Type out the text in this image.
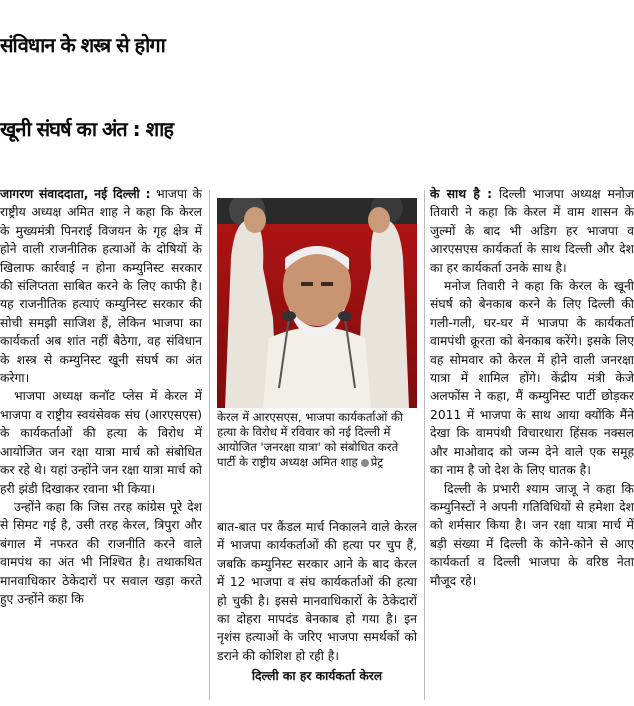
संविधान के शस्त्र से होगा
खूनी संघर्ष का अंत : शाह

जागरण संवाददाता, नई दिल्ली : भाजपा के राष्ट्रीय अध्यक्ष अमित शाह ने कहा कि केरल के मुख्यमंत्री पिनराई विजयन के गृह क्षेत्र में होने वाली राजनीतिक हत्याओं के दोषियों के खिलाफ कार्रवाई न होना कम्युनिस्ट सरकार की संलिप्तता साबित करने के लिए काफी है। यह राजनीतिक हत्याएं कम्युनिस्ट सरकार की सोची समझी साजिश हैं, लेकिन भाजपा का कार्यकर्ता अब शांत नहीं बैठेगा, वह संविधान के शस्त्र से कम्युनिस्ट खूनी संघर्ष का अंत करेगा।

भाजपा अध्यक्ष कनॉट प्लेस में केरल में भाजपा व राष्ट्रीय स्वयंसेवक संघ (आरएसएस) के कार्यकर्ताओं की हत्या के विरोध में आयोजित जन रक्षा यात्रा मार्च को संबोधित कर रहे थे। यहां उन्होंने जन रक्षा यात्रा मार्च को हरी झंडी दिखाकर रवाना भी किया।

उन्होंने कहा कि जिस तरह कांग्रेस पूरे देश से सिमट गई है, उसी तरह केरल, त्रिपुरा और बंगाल में नफरत की राजनीति करने वाले वामपंथ का अंत भी निश्चित है। तथाकथित मानवाधिकार ठेकेदारों पर सवाल खड़ा करते हुए उन्होंने कहा कि

केरल में आरएसएस, भाजपा कार्यकर्ताओं की हत्या के विरोध में रविवार को नई दिल्ली में आयोजित 'जनरक्षा यात्रा' को संबोधित करते पार्टी के राष्ट्रीय अध्यक्ष अमित शाह प्रेट्र

बात-बात पर कैंडल मार्च निकालने वाले केरल में भाजपा कार्यकर्ताओं की हत्या पर चुप हैं, जबकि कम्युनिस्ट सरकार आने के बाद केरल में 12 भाजपा व संघ कार्यकर्ताओं की हत्या हो चुकी है। इससे मानवाधिकारों के ठेकेदारों का दोहरा मापदंड बेनकाब हो गया है। इन नृशंस हत्याओं के जरिए भाजपा समर्थकों को डराने की कोशिश हो रही है।

दिल्ली का हर कार्यकर्ता केरल

के साथ है : दिल्ली भाजपा अध्यक्ष मनोज तिवारी ने कहा कि केरल में वाम शासन के जुल्मों के बाद भी अडिग हर भाजपा व आरएसएस कार्यकर्ता के साथ दिल्ली और देश का हर कार्यकर्ता उनके साथ है।

मनोज तिवारी ने कहा कि केरल के खूनी संघर्ष को बेनकाब करने के लिए दिल्ली की गली-गली, घर-घर में भाजपा के कार्यकर्ता वामपंथी क्रूरता को बेनकाब करेंगे। इसके लिए वह सोमवार को केरल में होने वाली जनरक्षा यात्रा में शामिल होंगे। केंद्रीय मंत्री केजे अलफोंस ने कहा, मैं कम्युनिस्ट पार्टी छोड़कर 2011 में भाजपा के साथ आया क्योंकि मैंने देखा कि वामपंथी विचारधारा हिंसक नक्सल और माओवाद को जन्म देने वाले एक समूह का नाम है जो देश के लिए घातक है।

दिल्ली के प्रभारी श्याम जाजू ने कहा कि कम्युनिस्टों ने अपनी गतिविधियों से हमेशा देश को शर्मसार किया है। जन रक्षा यात्रा मार्च में बड़ी संख्या में दिल्ली के कोने-कोने से आए कार्यकर्ता व दिल्ली भाजपा के वरिष्ठ नेता मौजूद रहे।
